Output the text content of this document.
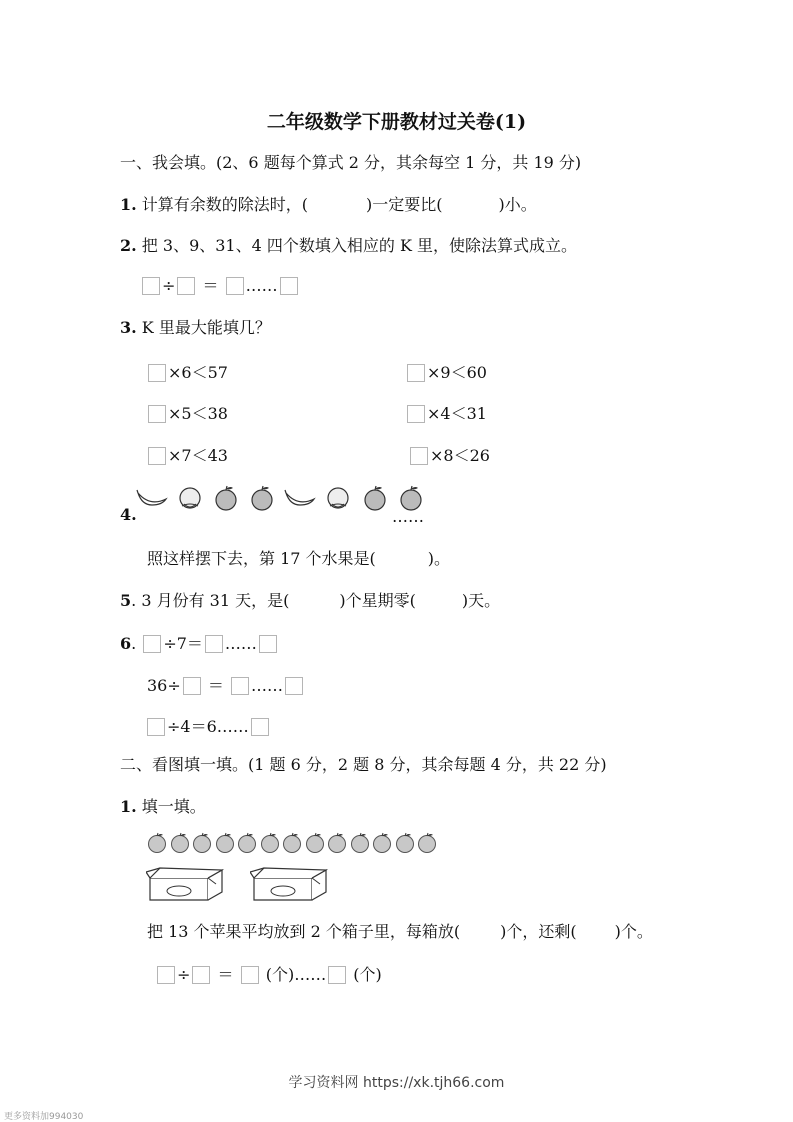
二年级数学下册教材过关卷(1)
一、我会填。(2、6 题每个算式 2 分，其余每空 1 分，共 19 分)
1. 计算有余数的除法时，(	)一定要比(	)小。
2. 把 3、9、31、4 四个数填入相应的 K 里，使除法算式成立。
÷ ＝ ……
3. K 里最大能填几？
×6＜57	×9＜60
×5＜38	×4＜31
×7＜43	×8＜26
4.
	……
照这样摆下去，第 17 个水果是(	)。
5. 3 月份有 31 天，是(	)个星期零(	)天。
6. ÷7＝ ……
36÷ ＝ ……
÷4＝6……
二、看图填一填。(1 题 6 分，2 题 8 分，其余每题 4 分，共 22 分)
1. 填一填。
把 13 个苹果平均放到 2 个箱子里，每箱放(	)个，还剩( )个。
÷ ＝ (个)…… (个)
学习资料网 https://xk.tjh66.com
更多资料加994030
